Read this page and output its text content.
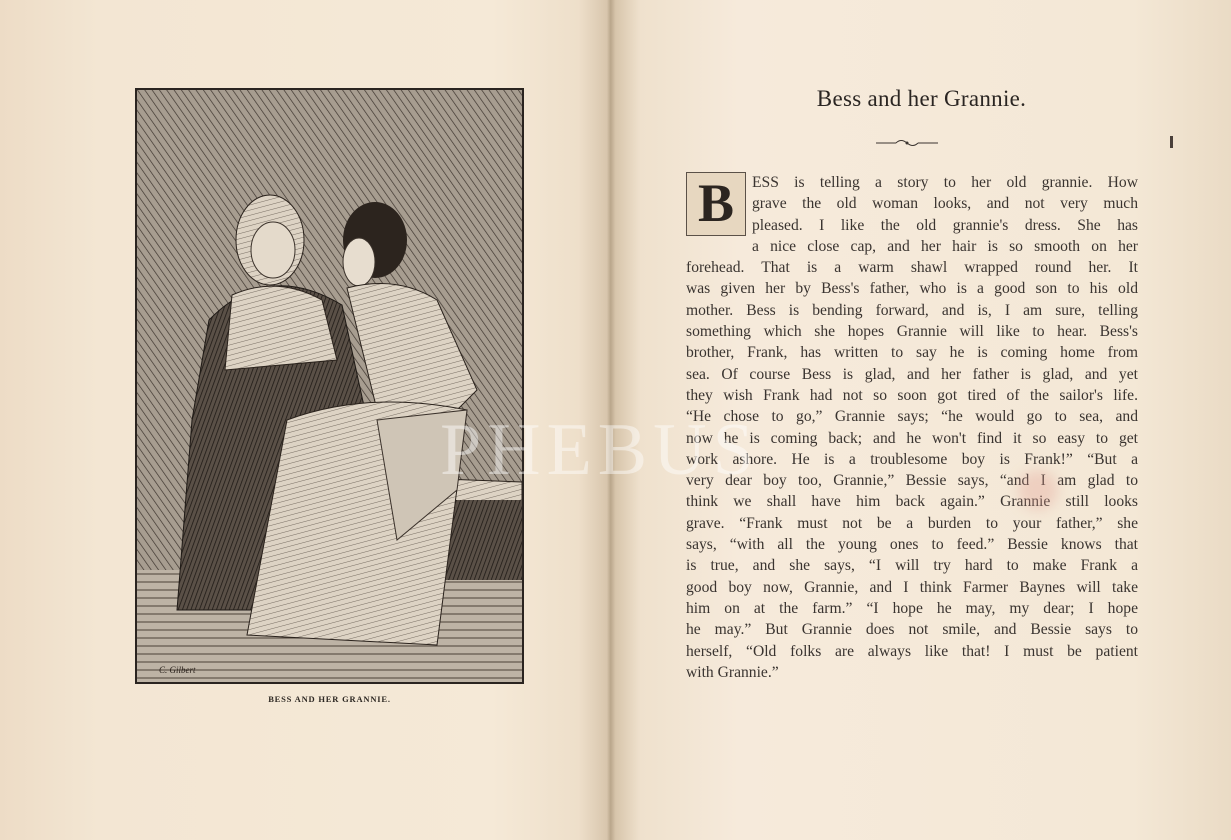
C. Gilbert
BESS AND HER GRANNIE.
Bess and her Grannie.
B	ESS is telling a story to her old grannie. How
grave the old woman looks, and not very much
pleased. I like the old grannie's dress. She has
a nice close cap, and her hair is so smooth on her
forehead. That is a warm shawl wrapped round her. It
was given her by Bess's father, who is a good son to his old
mother. Bess is bending forward, and is, I am sure, telling
something which she hopes Grannie will like to hear. Bess's
brother, Frank, has written to say he is coming home from
sea. Of course Bess is glad, and her father is glad, and yet
they wish Frank had not so soon got tired of the sailor's life.
“He chose to go,” Grannie says; “he would go to sea, and
now he is coming back; and he won't find it so easy to get
work ashore. He is a troublesome boy is Frank!” “But a
very dear boy too, Grannie,” Bessie says, “and I am glad to
think we shall have him back again.” Grannie still looks
grave. “Frank must not be a burden to your father,” she
says, “with all the young ones to feed.” Bessie knows that
is true, and she says, “I will try hard to make Frank a
good boy now, Grannie, and I think Farmer Baynes will take
him on at the farm.” “I hope he may, my dear; I hope
he may.” But Grannie does not smile, and Bessie says to
herself, “Old folks are always like that! I must be patient
with Grannie.”
PHEBUS
